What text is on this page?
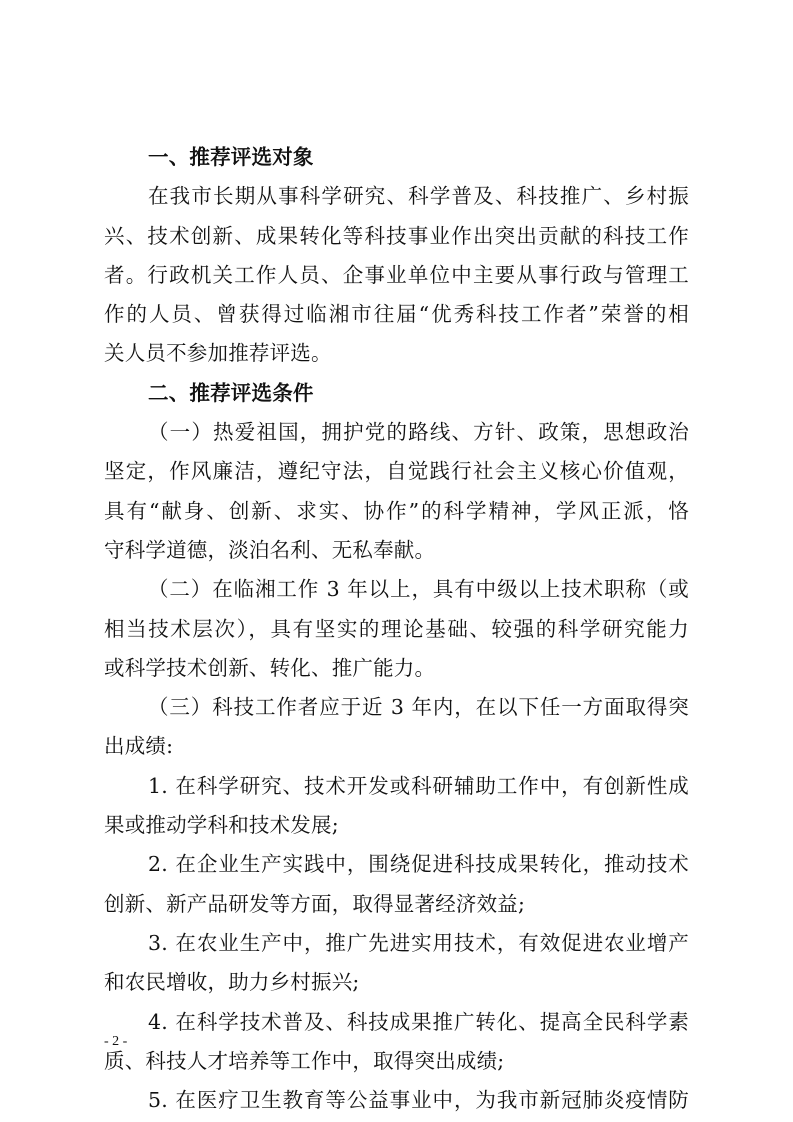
一、推荐评选对象
在我市长期从事科学研究、科学普及、科技推广、乡村振
兴、技术创新、成果转化等科技事业作出突出贡献的科技工作
者。行政机关工作人员、企事业单位中主要从事行政与管理工
作的人员、曾获得过临湘市往届“优秀科技工作者”荣誉的相
关人员不参加推荐评选。
二、推荐评选条件
（一）热爱祖国，拥护党的路线、方针、政策，思想政治
坚定，作风廉洁，遵纪守法，自觉践行社会主义核心价值观，
具有“献身、创新、求实、协作”的科学精神，学风正派，恪
守科学道德，淡泊名利、无私奉献。
（二）在临湘工作 3 年以上，具有中级以上技术职称（或
相当技术层次），具有坚实的理论基础、较强的科学研究能力
或科学技术创新、转化、推广能力。
（三）科技工作者应于近 3 年内，在以下任一方面取得突
出成绩:
1. 在科学研究、技术开发或科研辅助工作中，有创新性成
果或推动学科和技术发展;
2. 在企业生产实践中，围绕促进科技成果转化，推动技术
创新、新产品研发等方面，取得显著经济效益;
3. 在农业生产中，推广先进实用技术，有效促进农业增产
和农民增收，助力乡村振兴;
4. 在科学技术普及、科技成果推广转化、提高全民科学素
质、科技人才培养等工作中，取得突出成绩;
5. 在医疗卫生教育等公益事业中，为我市新冠肺炎疫情防
- 2 -
